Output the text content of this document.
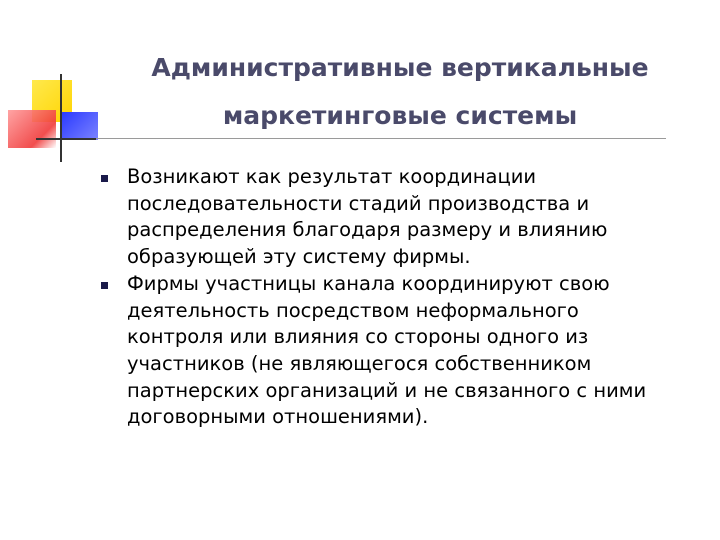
Административные вертикальные
маркетинговые системы
Возникают как результат координации
последовательности стадий производства и
распределения благодаря размеру и влиянию
образующей эту систему фирмы.
Фирмы участницы канала координируют свою
деятельность посредством неформального
контроля или влияния со стороны одного из
участников (не являющегося собственником
партнерских организаций и не связанного с ними
договорными отношениями).
